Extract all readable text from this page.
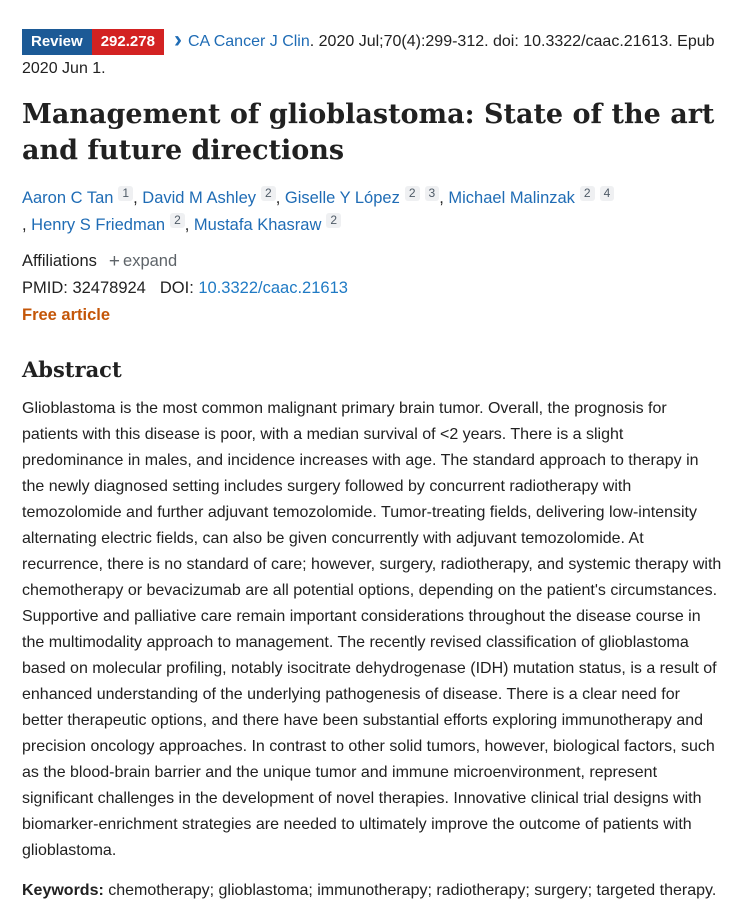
Review 292.278 › CA Cancer J Clin. 2020 Jul;70(4):299-312. doi: 10.3322/caac.21613. Epub 2020 Jun 1.

Management of glioblastoma: State of the art and future directions

Aaron C Tan 1 , David M Ashley 2 , Giselle Y López 2 3 , Michael Malinzak 2 4, Henry S Friedman 2 , Mustafa Khasraw 2

Affiliations + expand

PMID: 32478924 DOI: 10.3322/caac.21613

Free article

Abstract

Glioblastoma is the most common malignant primary brain tumor. Overall, the prognosis for patients with this disease is poor, with a median survival of <2 years. There is a slight predominance in males, and incidence increases with age. The standard approach to therapy in the newly diagnosed setting includes surgery followed by concurrent radiotherapy with temozolomide and further adjuvant temozolomide. Tumor-treating fields, delivering low-intensity alternating electric fields, can also be given concurrently with adjuvant temozolomide. At recurrence, there is no standard of care; however, surgery, radiotherapy, and systemic therapy with chemotherapy or bevacizumab are all potential options, depending on the patient's circumstances. Supportive and palliative care remain important considerations throughout the disease course in the multimodality approach to management. The recently revised classification of glioblastoma based on molecular profiling, notably isocitrate dehydrogenase (IDH) mutation status, is a result of enhanced understanding of the underlying pathogenesis of disease. There is a clear need for better therapeutic options, and there have been substantial efforts exploring immunotherapy and precision oncology approaches. In contrast to other solid tumors, however, biological factors, such as the blood-brain barrier and the unique tumor and immune microenvironment, represent significant challenges in the development of novel therapies. Innovative clinical trial designs with biomarker-enrichment strategies are needed to ultimately improve the outcome of patients with glioblastoma.

Keywords: chemotherapy; glioblastoma; immunotherapy; radiotherapy; surgery; targeted therapy.
